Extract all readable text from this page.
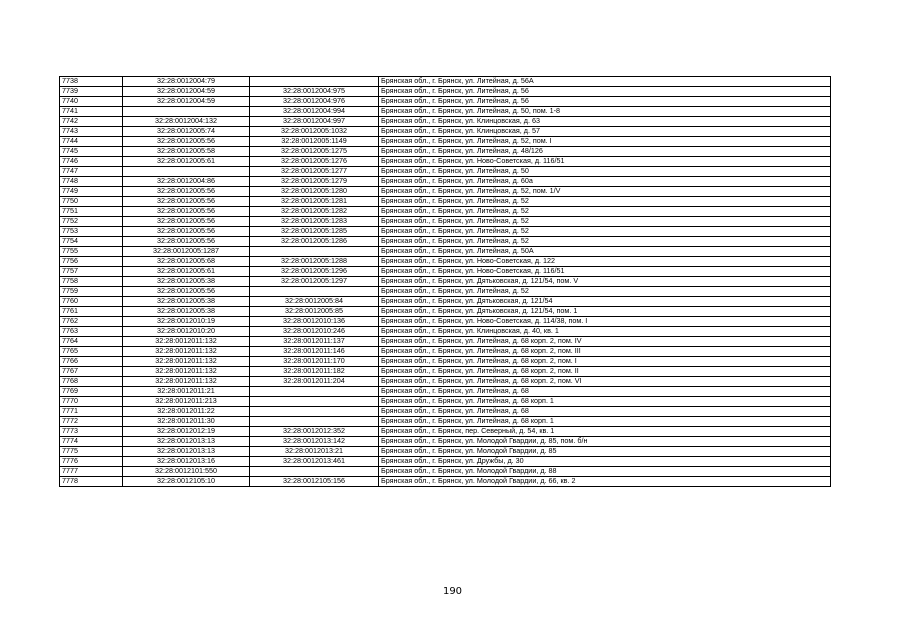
7738	32:28:0012004:79		Брянская обл., г. Брянск, ул. Литейная, д. 56А
7739	32:28:0012004:59	32:28:0012004:975	Брянская обл., г. Брянск, ул. Литейная, д. 56
7740	32:28:0012004:59	32:28:0012004:976	Брянская обл., г. Брянск, ул. Литейная, д. 56
7741		32:28:0012004:994	Брянская обл., г. Брянск, ул. Литейная, д. 50, пом. 1-8
7742	32:28:0012004:132	32:28:0012004:997	Брянская обл., г. Брянск, ул. Клинцовская, д. 63
7743	32:28:0012005:74	32:28:0012005:1032	Брянская обл., г. Брянск, ул. Клинцовская, д. 57
7744	32:28:0012005:56	32:28:0012005:1149	Брянская обл., г. Брянск, ул. Литейная, д. 52, пом. I
7745	32:28:0012005:58	32:28:0012005:1275	Брянская обл., г. Брянск, ул. Литейная, д. 48/126
7746	32:28:0012005:61	32:28:0012005:1276	Брянская обл., г. Брянск, ул. Ново-Советская, д. 116/51
7747		32:28:0012005:1277	Брянская обл., г. Брянск, ул. Литейная, д. 50
7748	32:28:0012004:86	32:28:0012005:1279	Брянская обл., г. Брянск, ул. Литейная, д. 60а
7749	32:28:0012005:56	32:28:0012005:1280	Брянская обл., г. Брянск, ул. Литейная, д. 52, пом. 1/V
7750	32:28:0012005:56	32:28:0012005:1281	Брянская обл., г. Брянск, ул. Литейная, д. 52
7751	32:28:0012005:56	32:28:0012005:1282	Брянская обл., г. Брянск, ул. Литейная, д. 52
7752	32:28:0012005:56	32:28:0012005:1283	Брянская обл., г. Брянск, ул. Литейная, д. 52
7753	32:28:0012005:56	32:28:0012005:1285	Брянская обл., г. Брянск, ул. Литейная, д. 52
7754	32:28:0012005:56	32:28:0012005:1286	Брянская обл., г. Брянск, ул. Литейная, д. 52
7755	32:28:0012005:1287		Брянская обл., г. Брянск, ул. Литейная, д. 50А
7756	32:28:0012005:68	32:28:0012005:1288	Брянская обл., г. Брянск, ул. Ново-Советская, д. 122
7757	32:28:0012005:61	32:28:0012005:1296	Брянская обл., г. Брянск, ул. Ново-Советская, д. 116/51
7758	32:28:0012005:38	32:28:0012005:1297	Брянская обл., г. Брянск, ул. Дятьковская, д. 121/54, пом. V
7759	32:28:0012005:56		Брянская обл., г. Брянск, ул. Литейная, д. 52
7760	32:28:0012005:38	32:28:0012005:84	Брянская обл., г. Брянск, ул. Дятьковская, д. 121/54
7761	32:28:0012005:38	32:28:0012005:85	Брянская обл., г. Брянск, ул. Дятьковская, д. 121/54, пом. 1
7762	32:28:0012010:19	32:28:0012010:136	Брянская обл., г. Брянск, ул. Ново-Советская, д. 114/38, пом. I
7763	32:28:0012010:20	32:28:0012010:246	Брянская обл., г. Брянск, ул. Клинцовская, д. 40, кв. 1
7764	32:28:0012011:132	32:28:0012011:137	Брянская обл., г. Брянск, ул. Литейная, д. 68 корп. 2, пом. IV
7765	32:28:0012011:132	32:28:0012011:146	Брянская обл., г. Брянск, ул. Литейная, д. 68 корп. 2, пом. III
7766	32:28:0012011:132	32:28:0012011:170	Брянская обл., г. Брянск, ул. Литейная, д. 68 корп. 2, пом. I
7767	32:28:0012011:132	32:28:0012011:182	Брянская обл., г. Брянск, ул. Литейная, д. 68 корп. 2, пом. II
7768	32:28:0012011:132	32:28:0012011:204	Брянская обл., г. Брянск, ул. Литейная, д. 68 корп. 2, пом. VI
7769	32:28:0012011:21		Брянская обл., г. Брянск, ул. Литейная, д. 68
7770	32:28:0012011:213		Брянская обл., г. Брянск, ул. Литейная, д. 68 корп. 1
7771	32:28:0012011:22		Брянская обл., г. Брянск, ул. Литейная, д. 68
7772	32:28:0012011:30		Брянская обл., г. Брянск, ул. Литейная, д. 68 корп. 1
7773	32:28:0012012:19	32:28:0012012:352	Брянская обл., г. Брянск, пер. Северный, д. 54, кв. 1
7774	32:28:0012013:13	32:28:0012013:142	Брянская обл., г. Брянск, ул. Молодой Гвардии, д. 85, пом. б/н
7775	32:28:0012013:13	32:28:0012013:21	Брянская обл., г. Брянск, ул. Молодой Гвардии, д. 85
7776	32:28:0012013:16	32:28:0012013:461	Брянская обл., г. Брянск, ул. Дружбы, д. 30
7777	32:28:0012101:550		Брянская обл., г. Брянск, ул. Молодой Гвардии, д. 88
7778	32:28:0012105:10	32:28:0012105:156	Брянская обл., г. Брянск, ул. Молодой Гвардии, д. 66, кв. 2
190
